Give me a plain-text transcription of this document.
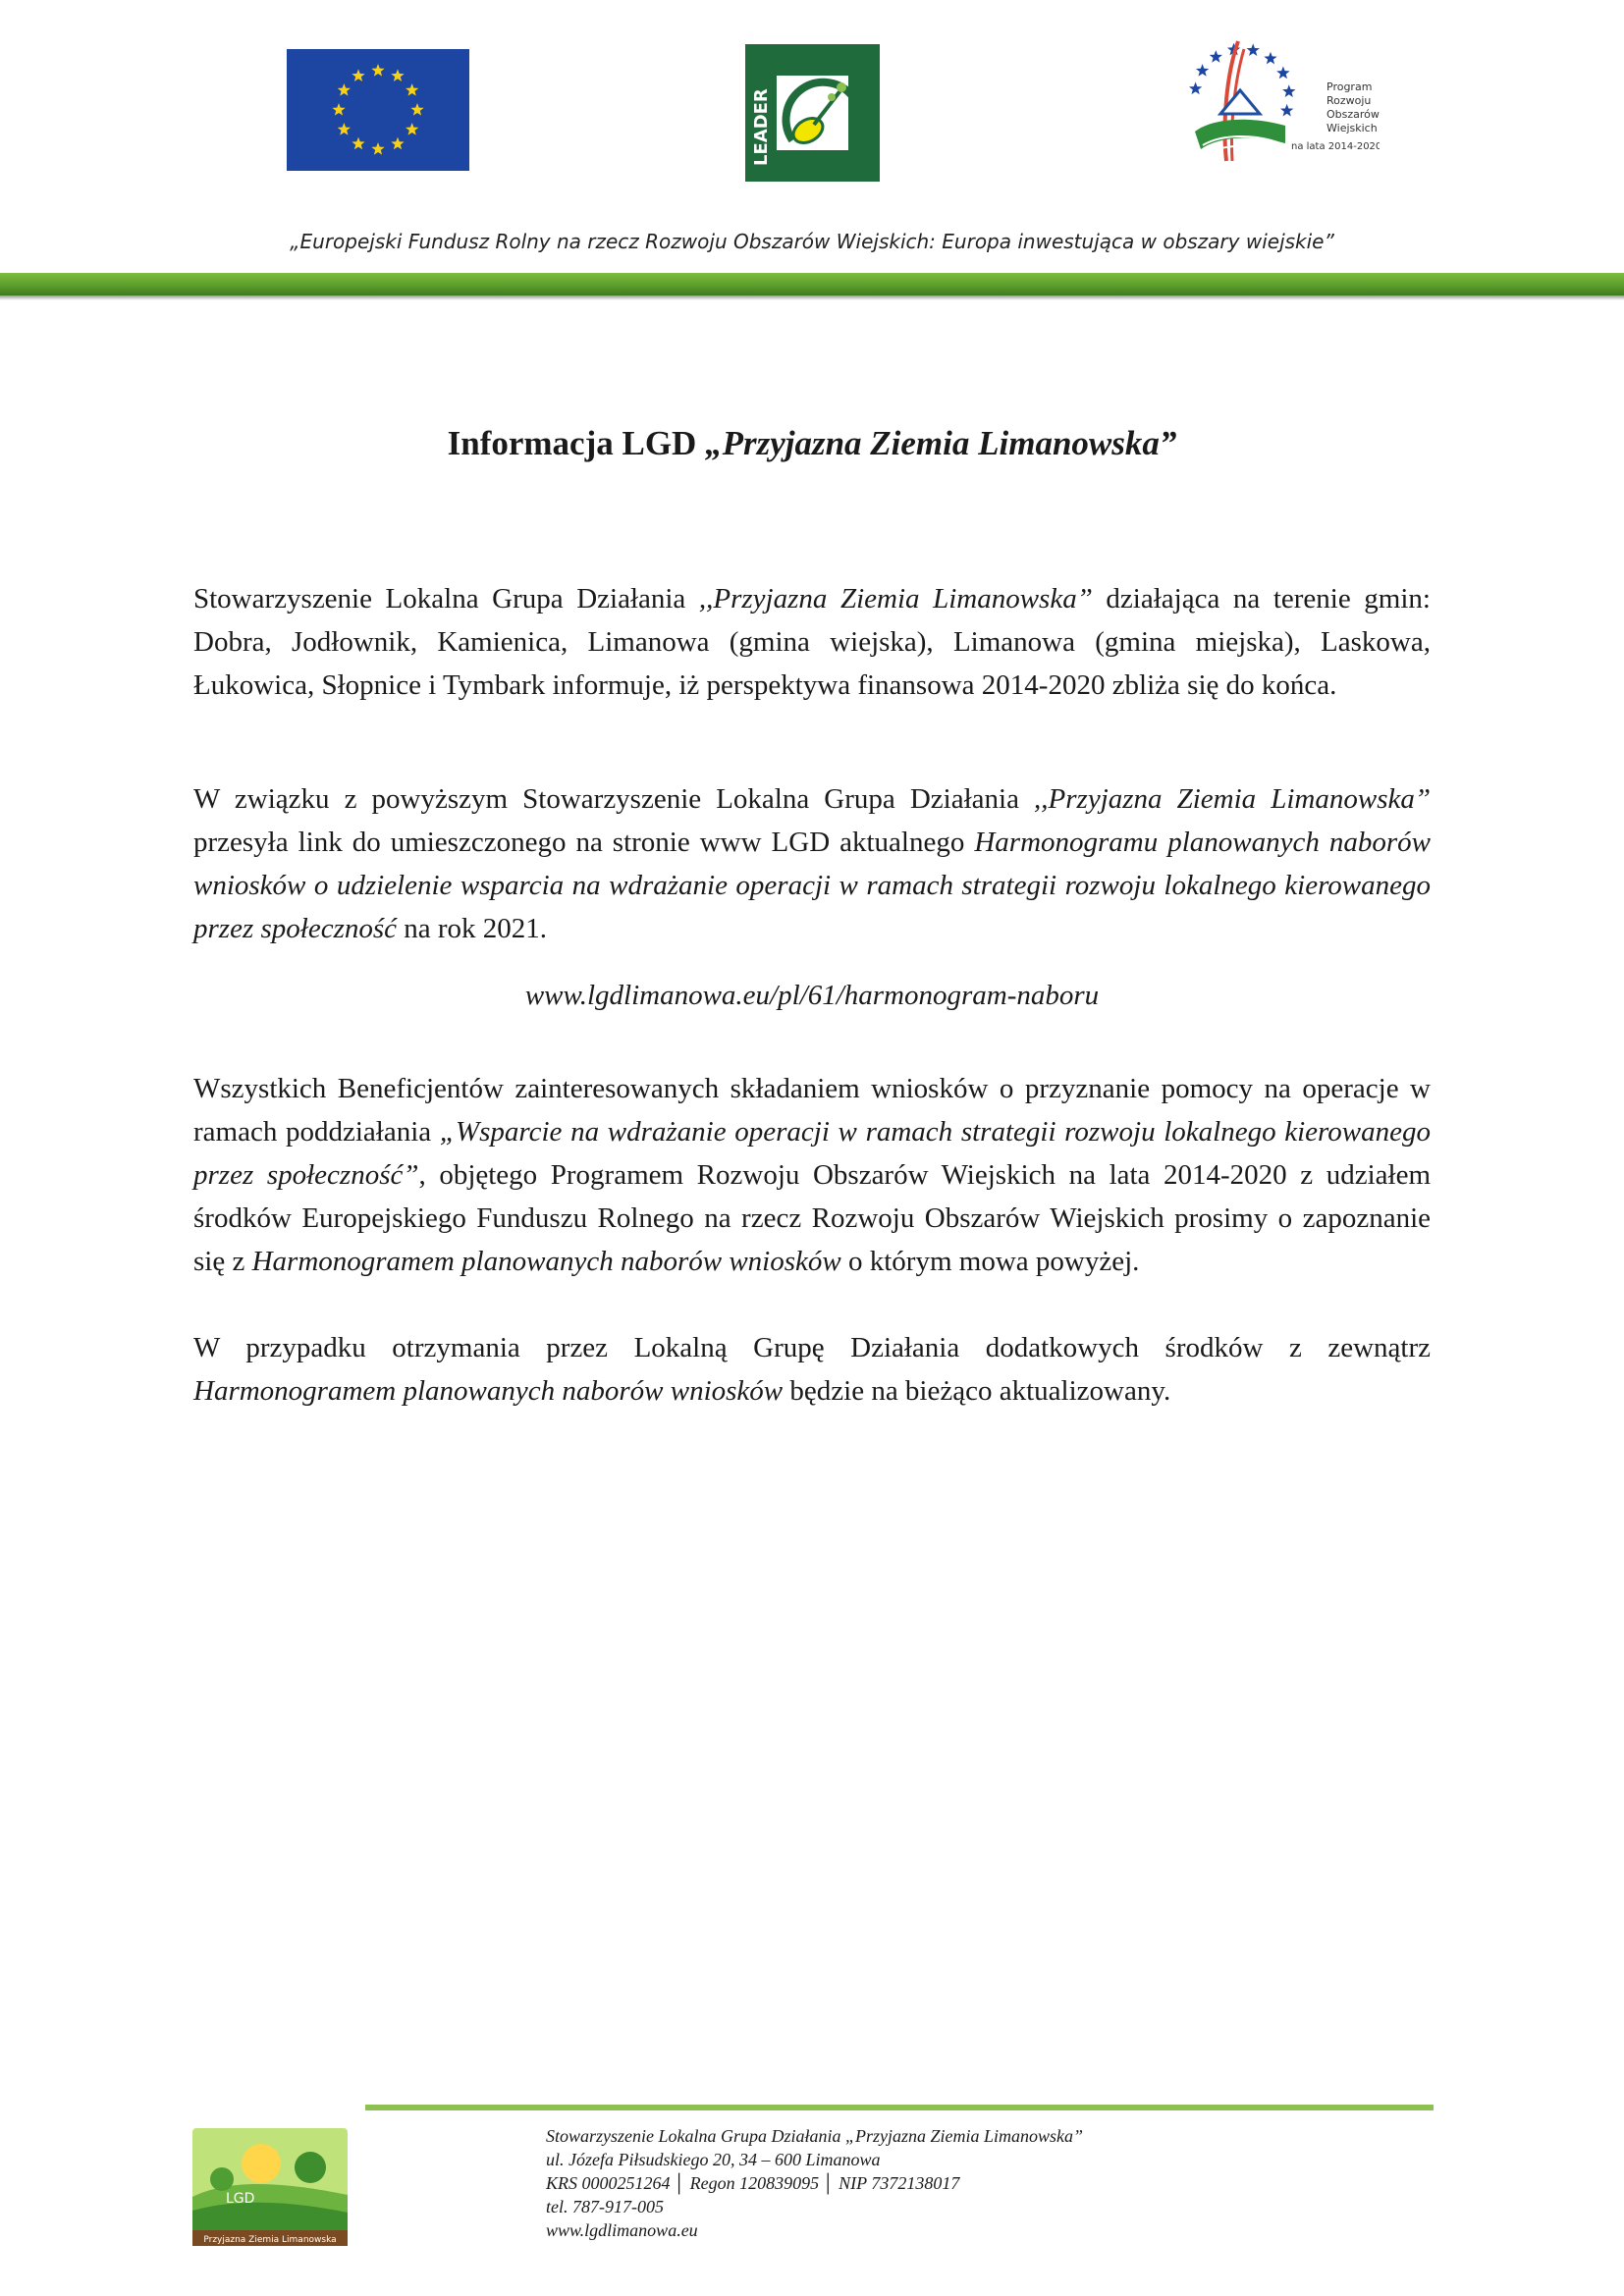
LEADER
Program
Rozwoju
Obszarów
Wiejskich
na lata 2014-2020
„Europejski Fundusz Rolny na rzecz Rozwoju Obszarów Wiejskich: Europa inwestująca w obszary wiejskie”
Informacja LGD „Przyjazna Ziemia Limanowska”
Stowarzyszenie Lokalna Grupa Działania ,,Przyjazna Ziemia Limanowska” działająca na terenie gmin: Dobra, Jodłownik, Kamienica, Limanowa (gmina wiejska), Limanowa (gmina miejska), Laskowa, Łukowica, Słopnice i Tymbark informuje, iż perspektywa finansowa 2014-2020 zbliża się do końca.
W związku z powyższym Stowarzyszenie Lokalna Grupa Działania ,,Przyjazna Ziemia Limanowska” przesyła link do umieszczonego na stronie www LGD aktualnego Harmonogramu planowanych naborów wniosków o udzielenie wsparcia na wdrażanie operacji w ramach strategii rozwoju lokalnego kierowanego przez społeczność na rok 2021.
www.lgdlimanowa.eu/pl/61/harmonogram-naboru
Wszystkich Beneficjentów zainteresowanych składaniem wniosków o przyznanie pomocy na operacje w ramach poddziałania „Wsparcie na wdrażanie operacji w ramach strategii rozwoju lokalnego kierowanego przez społeczność”, objętego Programem Rozwoju Obszarów Wiejskich na lata 2014-2020 z udziałem środków Europejskiego Funduszu Rolnego na rzecz Rozwoju Obszarów Wiejskich prosimy o zapoznanie się z Harmonogramem planowanych naborów wniosków o którym mowa powyżej.
W przypadku otrzymania przez Lokalną Grupę Działania dodatkowych środków z zewnątrz Harmonogramem planowanych naborów wniosków będzie na bieżąco aktualizowany.
LGD
Przyjazna Ziemia Limanowska
Stowarzyszenie Lokalna Grupa Działania „Przyjazna Ziemia Limanowska”
ul. Józefa Piłsudskiego 20, 34 – 600 Limanowa
KRS 0000251264 │ Regon 120839095 │ NIP 7372138017
tel. 787-917-005
www.lgdlimanowa.eu
